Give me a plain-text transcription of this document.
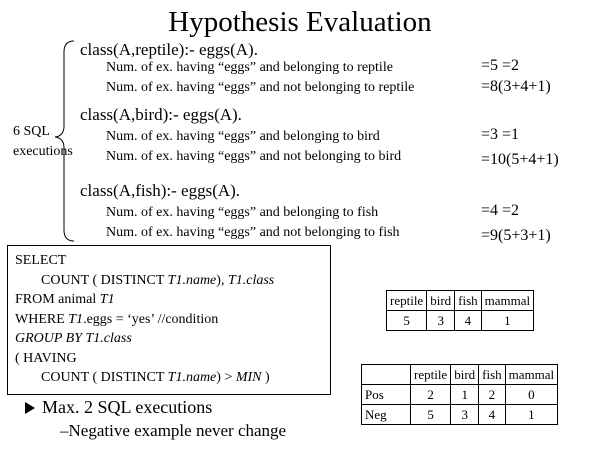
Hypothesis Evaluation
6 SQL
executions
class(A,reptile):- eggs(A).
Num. of ex. having “eggs” and belonging to reptile	=5 =2
Num. of ex. having “eggs” and not belonging to reptile	=8(3+4+1)
class(A,bird):- eggs(A).
Num. of ex. having “eggs” and belonging to bird	=3 =1
Num. of ex. having “eggs” and not belonging to bird	=10(5+4+1)
class(A,fish):- eggs(A).
Num. of ex. having “eggs” and belonging to fish	=4 =2
Num. of ex. having “eggs” and not belonging to fish	=9(5+3+1)
SELECT
COUNT ( DISTINCT T1.name), T1.class
FROM animal T1
WHERE T1.eggs = ‘yes’ //condition
GROUP BY T1.class
( HAVING
COUNT ( DISTINCT T1.name) > MIN )
reptile	bird	fish	mammal
5	3	4	1
	reptile	bird	fish	mammal
Pos	2	1	2	0
Neg	5	3	4	1
Max. 2 SQL executions
–Negative example never change
